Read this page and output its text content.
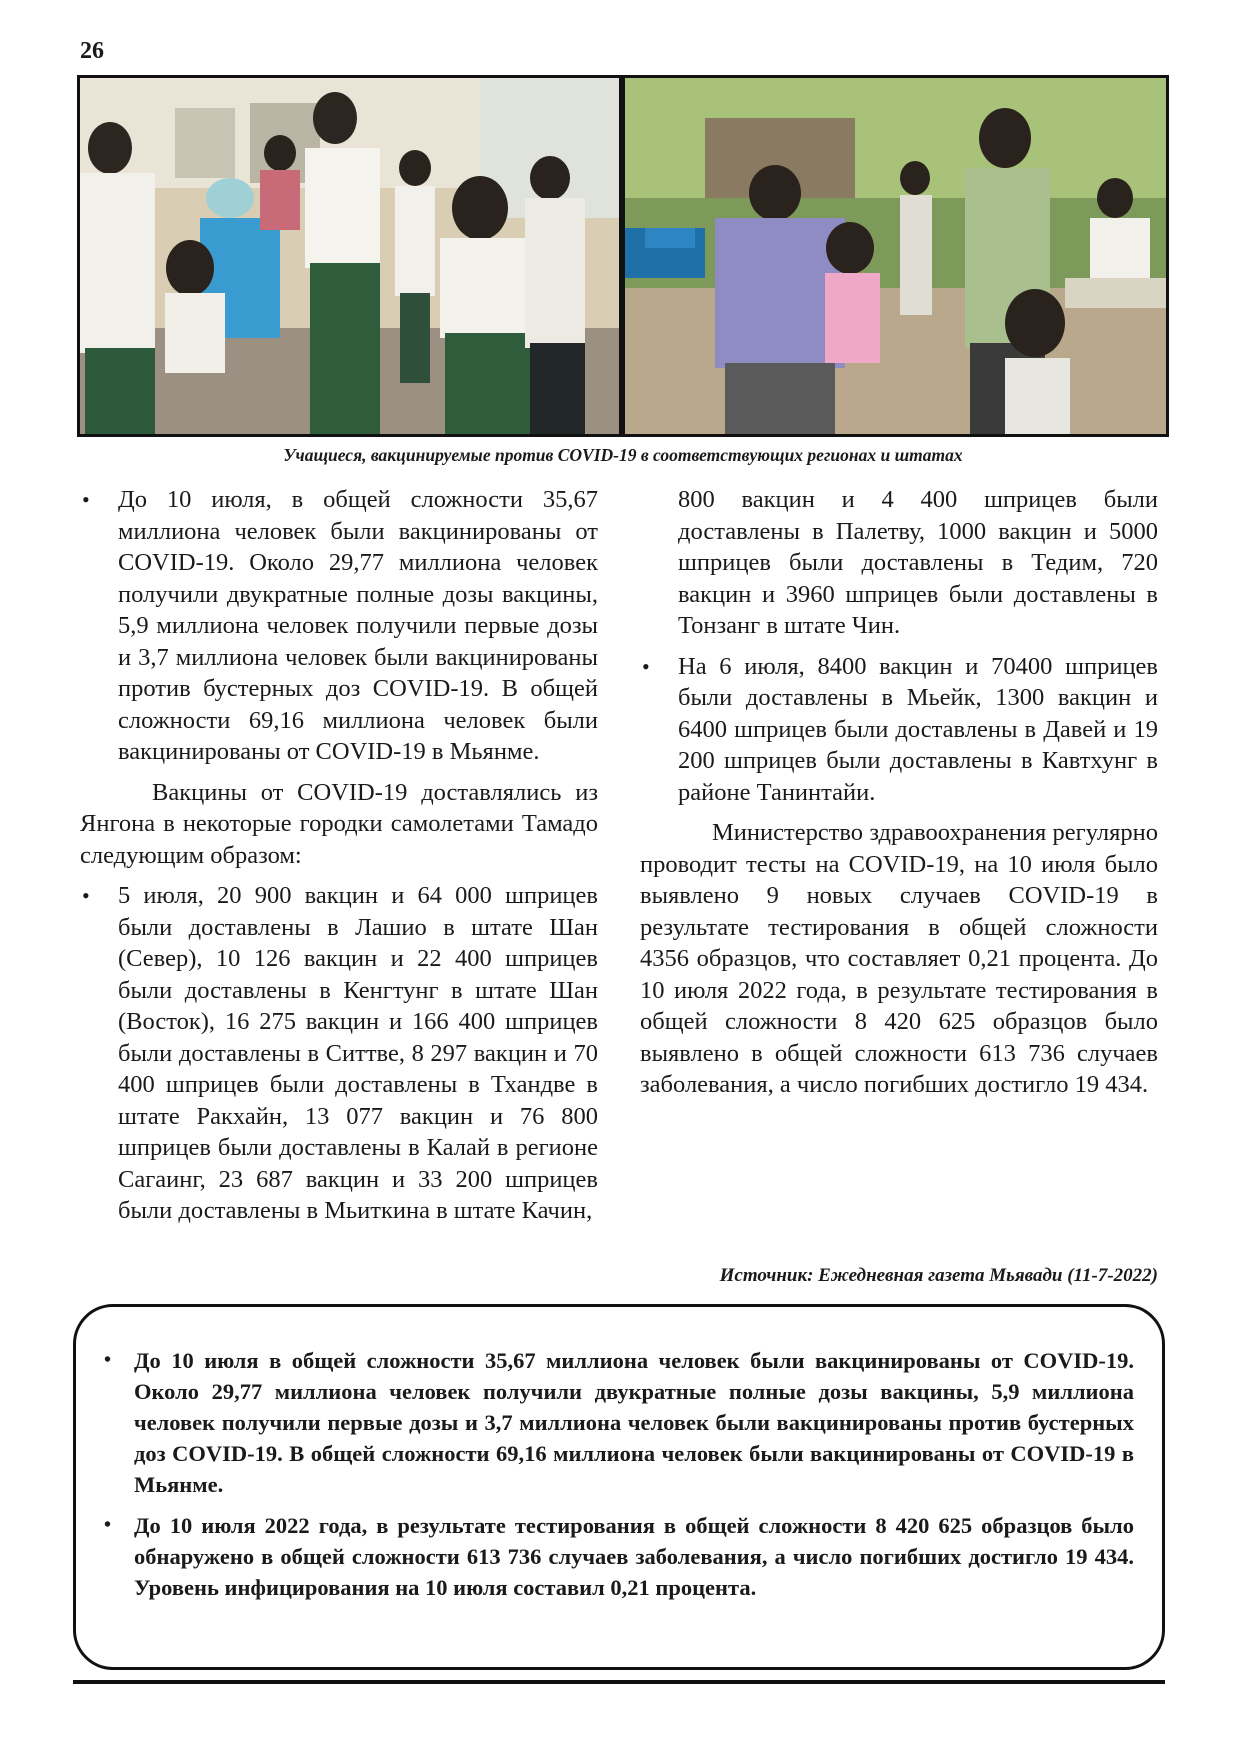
26
Учащиеся, вакцинируемые против COVID-19 в соответствующих регионах и штатах
• До 10 июля, в общей сложности 35,67 миллиона человек были вакцинированы от COVID-19. Около 29,77 миллиона человек получили двукратные полные дозы вакцины, 5,9 миллиона человек получили первые дозы и 3,7 миллиона человек были вакцинированы против бустерных доз COVID-19. В общей сложности 69,16 миллиона человек были вакцинированы от COVID-19 в Мьянме.
Вакцины от COVID-19 доставлялись из Янгона в некоторые городки самолетами Тамадо следующим образом:
• 5 июля, 20 900 вакцин и 64 000 шприцев были доставлены в Лашио в штате Шан (Север), 10 126 вакцин и 22 400 шприцев были доставлены в Кенгтунг в штате Шан (Восток), 16 275 вакцин и 166 400 шприцев были доставлены в Ситтве, 8 297 вакцин и 70 400 шприцев были доставлены в Тхандве в штате Ракхайн, 13 077 вакцин и 76 800 шприцев были доставлены в Калай в регионе Сагаинг, 23 687 вакцин и 33 200 шприцев были доставлены в Мьиткина в штате Качин,
800 вакцин и 4 400 шприцев были доставлены в Палетву, 1000 вакцин и 5000 шприцев были доставлены в Тедим, 720 вакцин и 3960 шприцев были доставлены в Тонзанг в штате Чин.
• На 6 июля, 8400 вакцин и 70400 шприцев были доставлены в Мьейк, 1300 вакцин и 6400 шприцев были доставлены в Давей и 19 200 шприцев были доставлены в Кавтхунг в районе Танинтайи.
Министерство здравоохранения регулярно проводит тесты на COVID-19, на 10 июля было выявлено 9 новых случаев COVID-19 в результате тестирования в общей сложности 4356 образцов, что составляет 0,21 процента. До 10 июля 2022 года, в результате тестирования в общей сложности 8 420 625 образцов было выявлено в общей сложности 613 736 случаев заболевания, а число погибших достигло 19 434.
Источник: Ежедневная газета Мьявади (11-7-2022)
• До 10 июля в общей сложности 35,67 миллиона человек были вакцинированы от COVID-19. Около 29,77 миллиона человек получили двукратные полные дозы вакцины, 5,9 миллиона человек получили первые дозы и 3,7 миллиона человек были вакцинированы против бустерных доз COVID-19. В общей сложности 69,16 миллиона человек были вакцинированы от COVID-19 в Мьянме.
• До 10 июля 2022 года, в результате тестирования в общей сложности 8 420 625 образцов было обнаружено в общей сложности 613 736 случаев заболевания, а число погибших достигло 19 434. Уровень инфицирования на 10 июля составил 0,21 процента.
